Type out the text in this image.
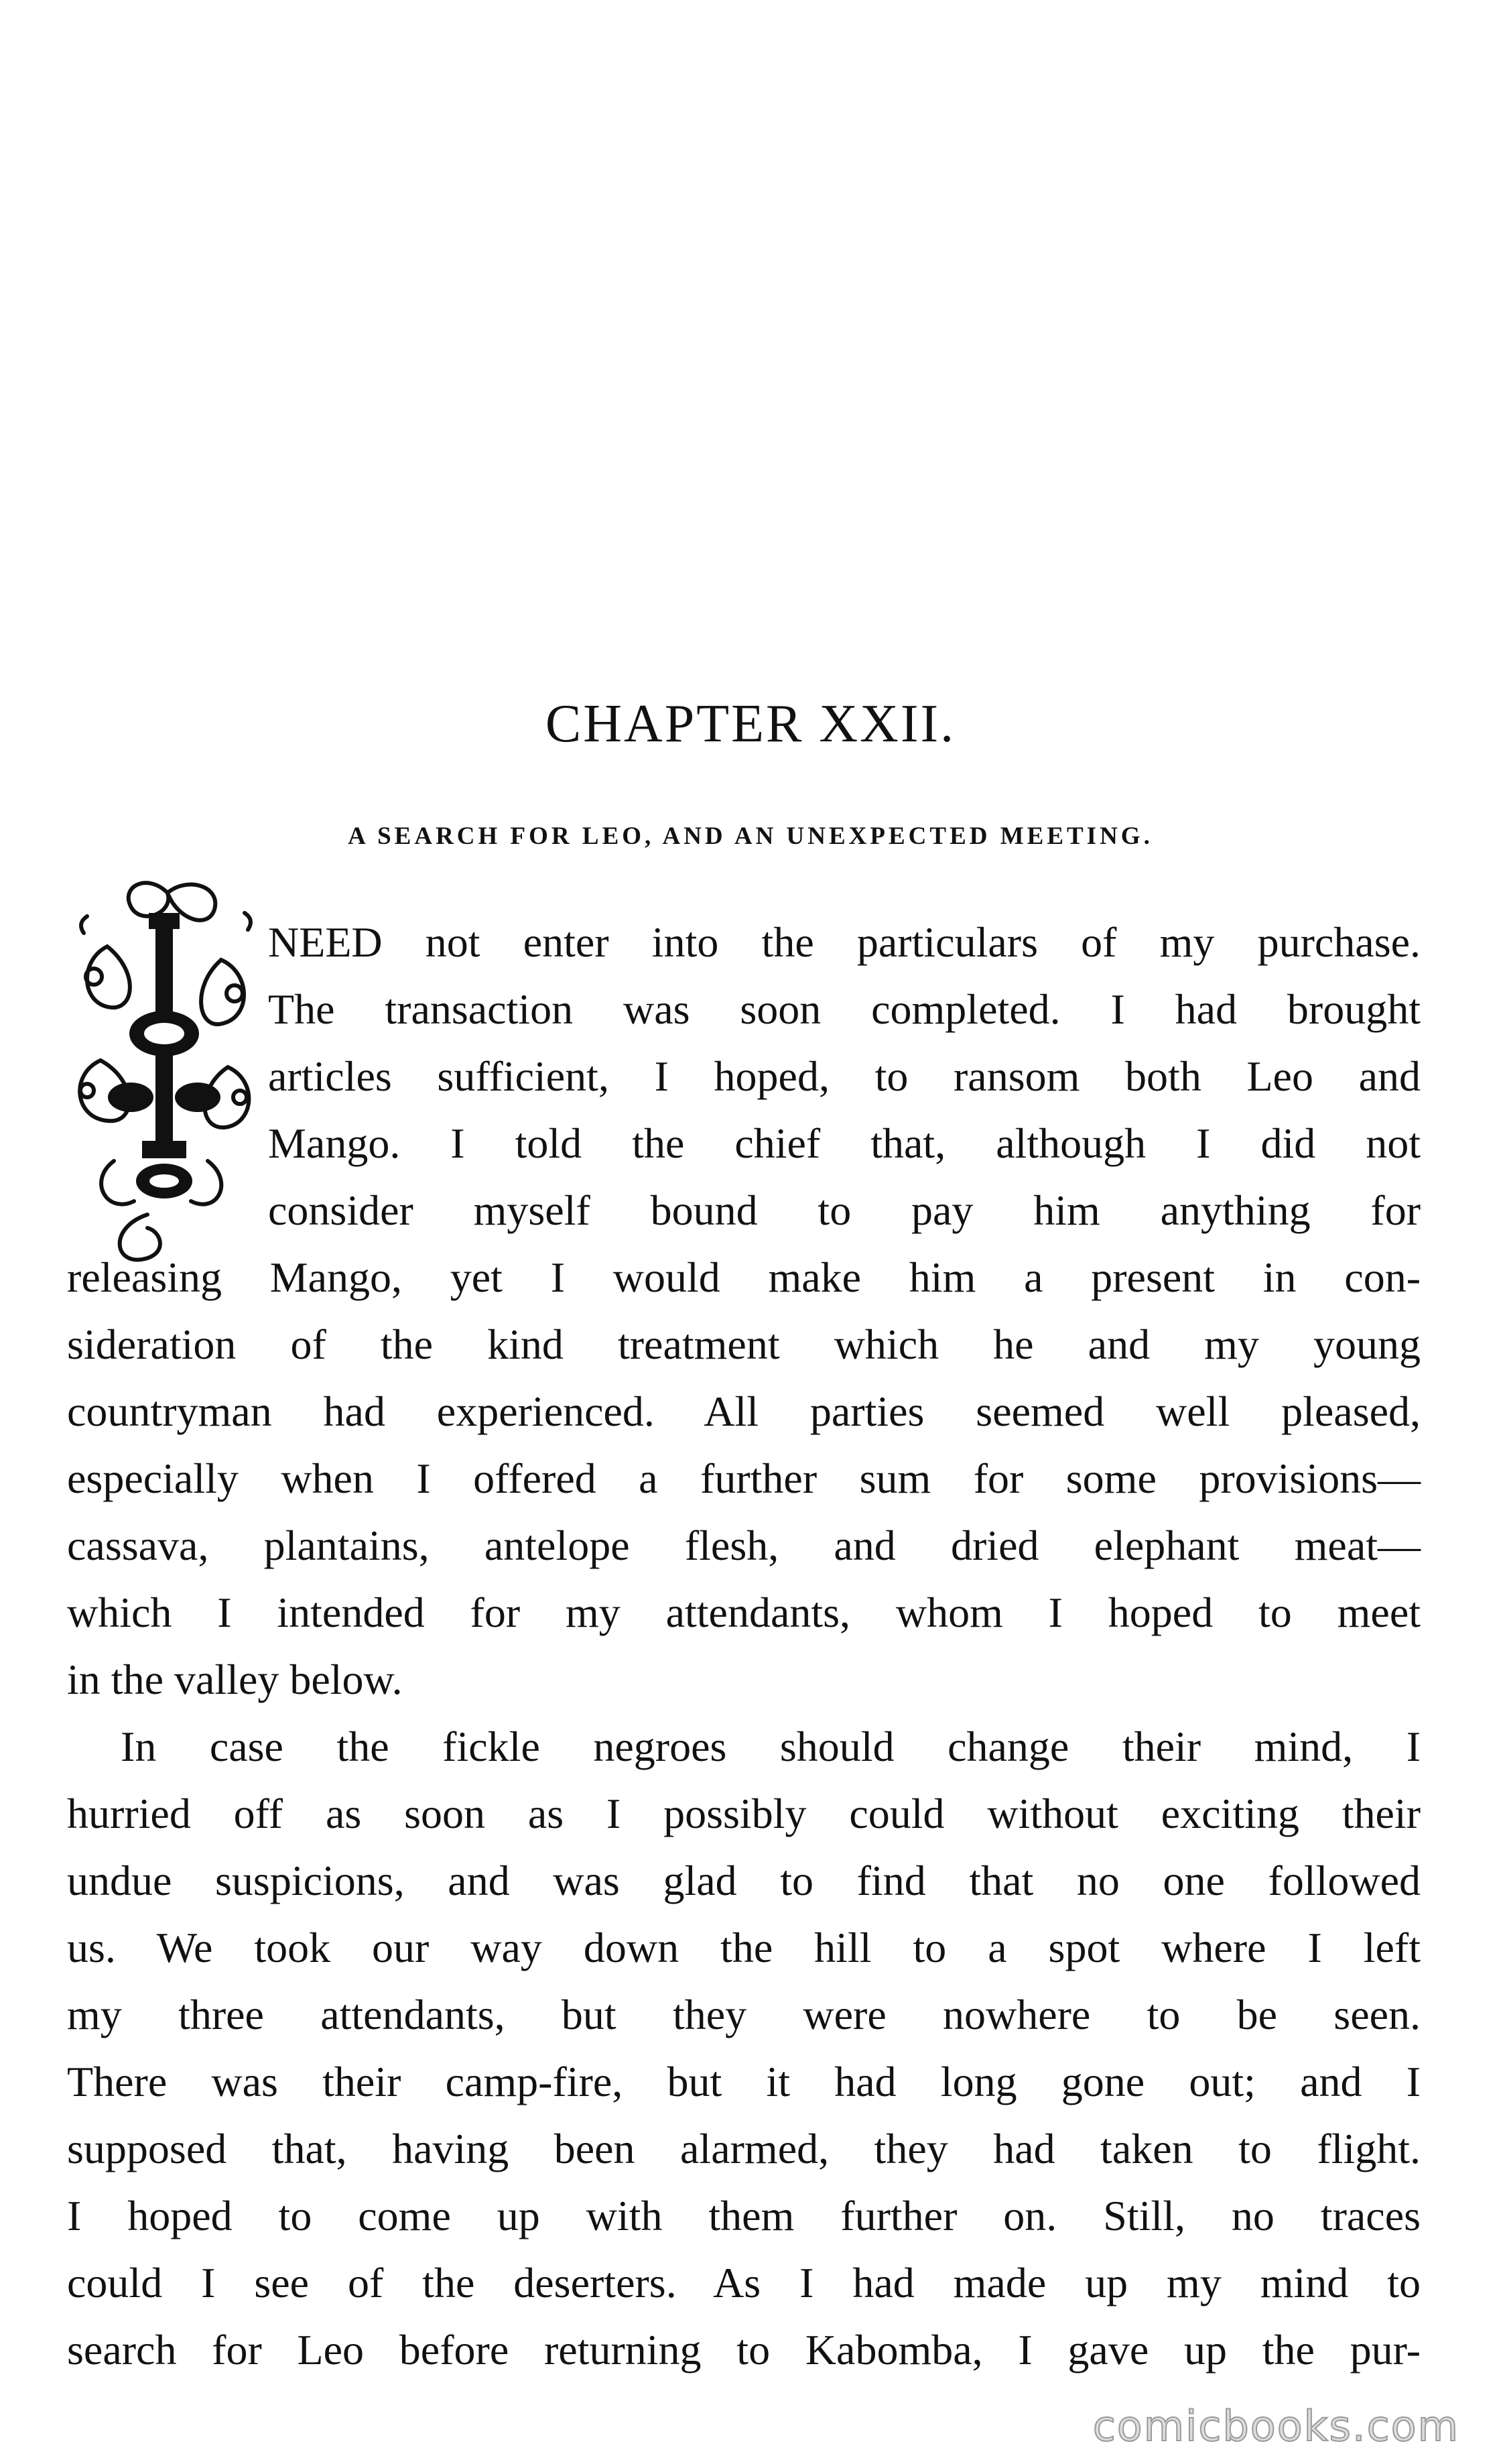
CHAPTER XXII.
A SEARCH FOR LEO, AND AN UNEXPECTED MEETING.
NEED not enter into the particulars of my purchase.
The transaction was soon completed. I had brought
articles sufficient, I hoped, to ransom both Leo and
Mango. I told the chief that, although I did not
consider myself bound to pay him anything for
releasing Mango, yet I would make him a present in con-
sideration of the kind treatment which he and my young
countryman had experienced. All parties seemed well pleased,
especially when I offered a further sum for some provisions—
cassava, plantains, antelope flesh, and dried elephant meat—
which I intended for my attendants, whom I hoped to meet
in the valley below.
In case the fickle negroes should change their mind, I
hurried off as soon as I possibly could without exciting their
undue suspicions, and was glad to find that no one followed
us. We took our way down the hill to a spot where I left
my three attendants, but they were nowhere to be seen.
There was their camp-fire, but it had long gone out; and I
supposed that, having been alarmed, they had taken to flight.
I hoped to come up with them further on. Still, no traces
could I see of the deserters. As I had made up my mind to
search for Leo before returning to Kabomba, I gave up the pur-
comicbooks.com
